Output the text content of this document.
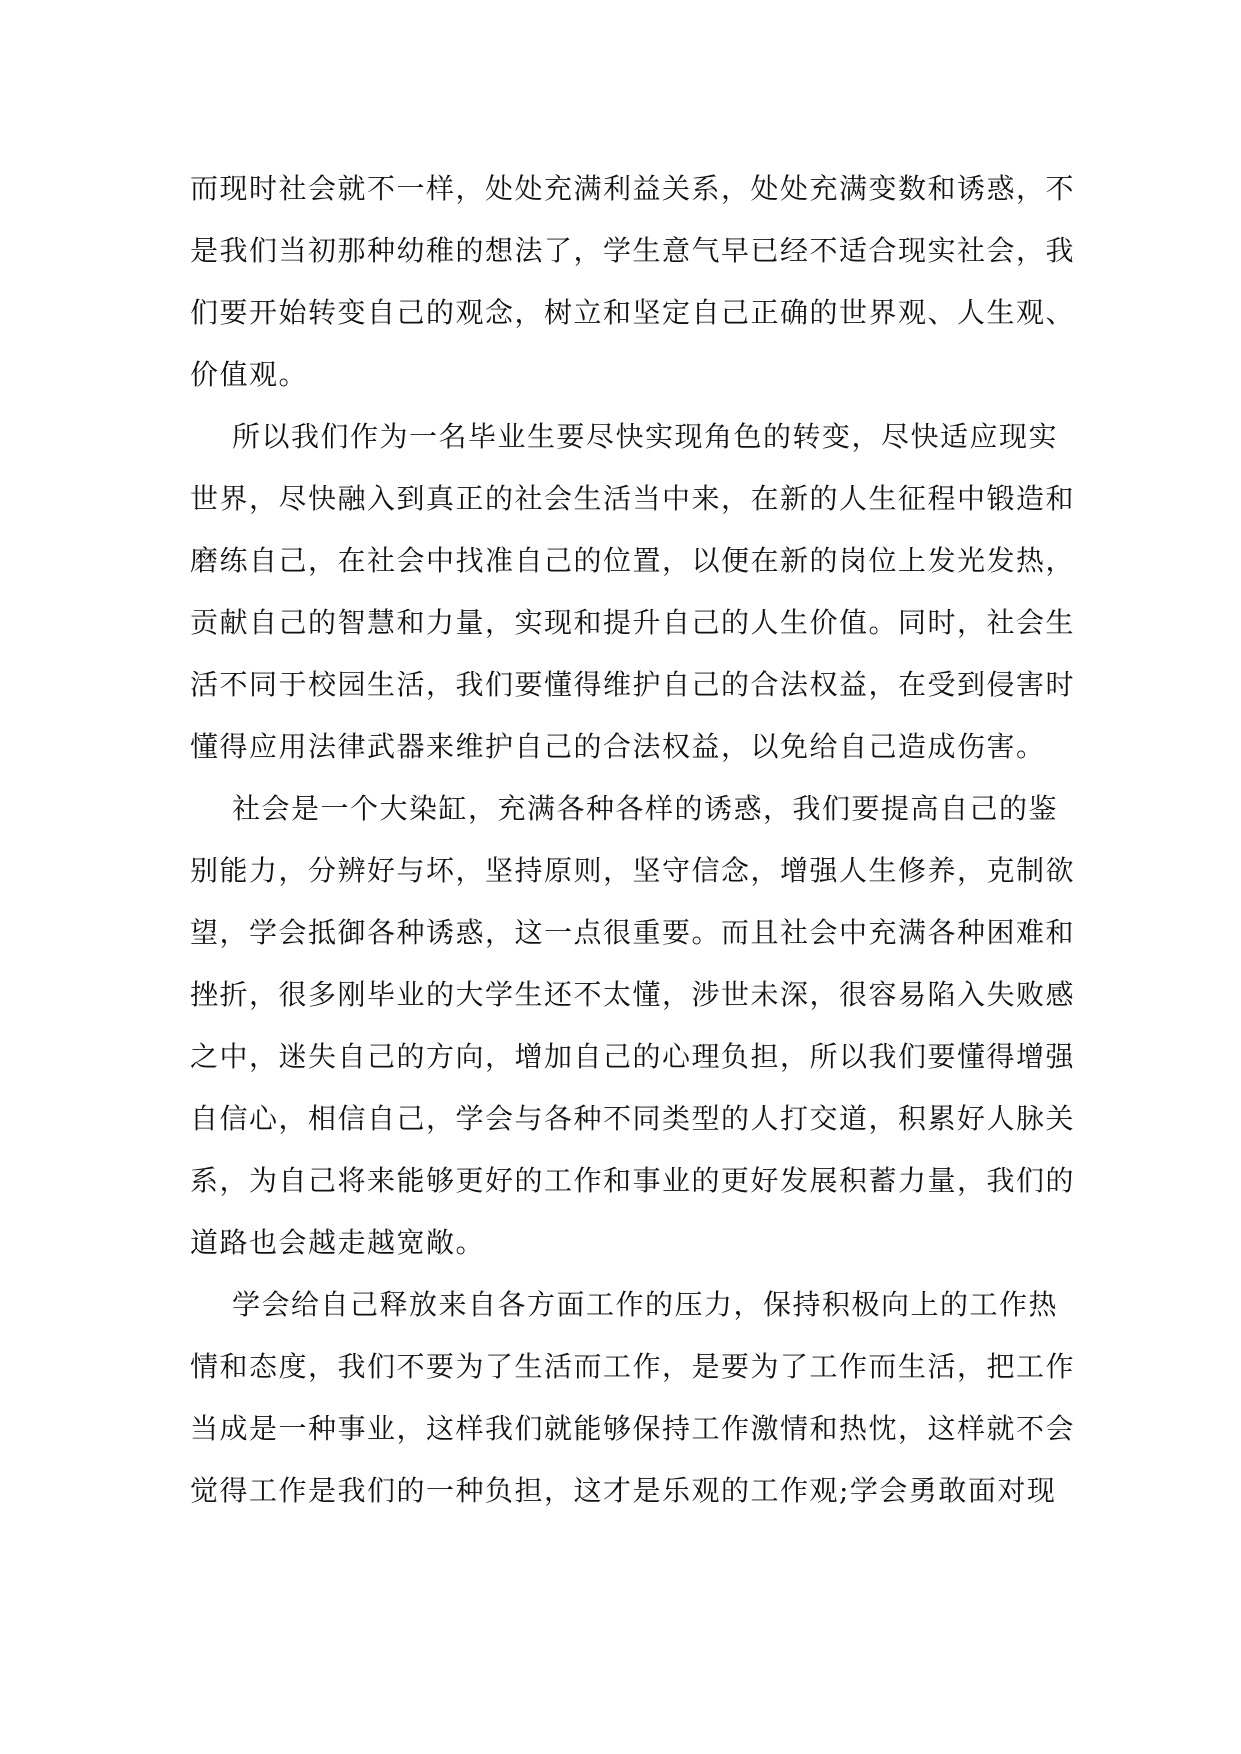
而现时社会就不一样，处处充满利益关系，处处充满变数和诱惑，不
是我们当初那种幼稚的想法了，学生意气早已经不适合现实社会，我
们要开始转变自己的观念，树立和坚定自己正确的世界观、人生观、
价值观。

所以我们作为一名毕业生要尽快实现角色的转变，尽快适应现实
世界，尽快融入到真正的社会生活当中来，在新的人生征程中锻造和
磨练自己，在社会中找准自己的位置，以便在新的岗位上发光发热，
贡献自己的智慧和力量，实现和提升自己的人生价值。同时，社会生
活不同于校园生活，我们要懂得维护自己的合法权益，在受到侵害时
懂得应用法律武器来维护自己的合法权益，以免给自己造成伤害。

社会是一个大染缸，充满各种各样的诱惑，我们要提高自己的鉴
别能力，分辨好与坏，坚持原则，坚守信念，增强人生修养，克制欲
望，学会抵御各种诱惑，这一点很重要。而且社会中充满各种困难和
挫折，很多刚毕业的大学生还不太懂，涉世未深，很容易陷入失败感
之中，迷失自己的方向，增加自己的心理负担，所以我们要懂得增强
自信心，相信自己，学会与各种不同类型的人打交道，积累好人脉关
系，为自己将来能够更好的工作和事业的更好发展积蓄力量，我们的
道路也会越走越宽敞。

学会给自己释放来自各方面工作的压力，保持积极向上的工作热
情和态度，我们不要为了生活而工作，是要为了工作而生活，把工作
当成是一种事业，这样我们就能够保持工作激情和热忱，这样就不会
觉得工作是我们的一种负担，这才是乐观的工作观;学会勇敢面对现
